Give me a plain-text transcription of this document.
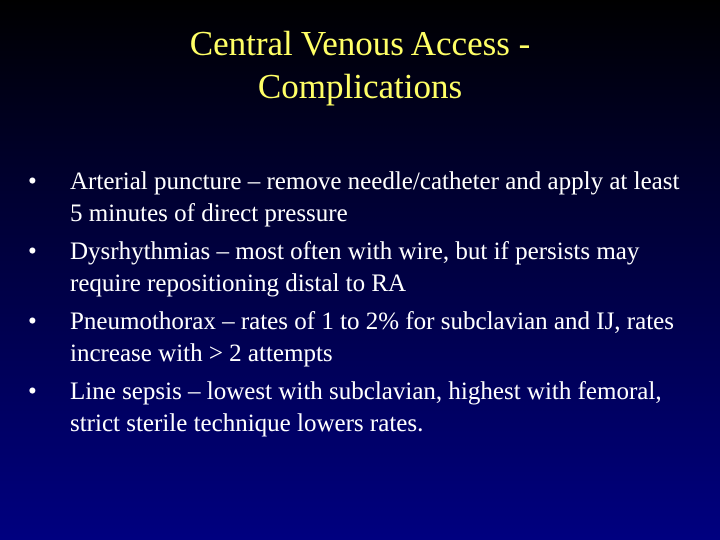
Central Venous Access -
Complications
• Arterial puncture – remove needle/catheter and apply at least 5 minutes of direct pressure
• Dysrhythmias – most often with wire, but if persists may require repositioning distal to RA
• Pneumothorax – rates of 1 to 2% for subclavian and IJ, rates increase with > 2 attempts
• Line sepsis – lowest with subclavian, highest with femoral, strict sterile technique lowers rates.
